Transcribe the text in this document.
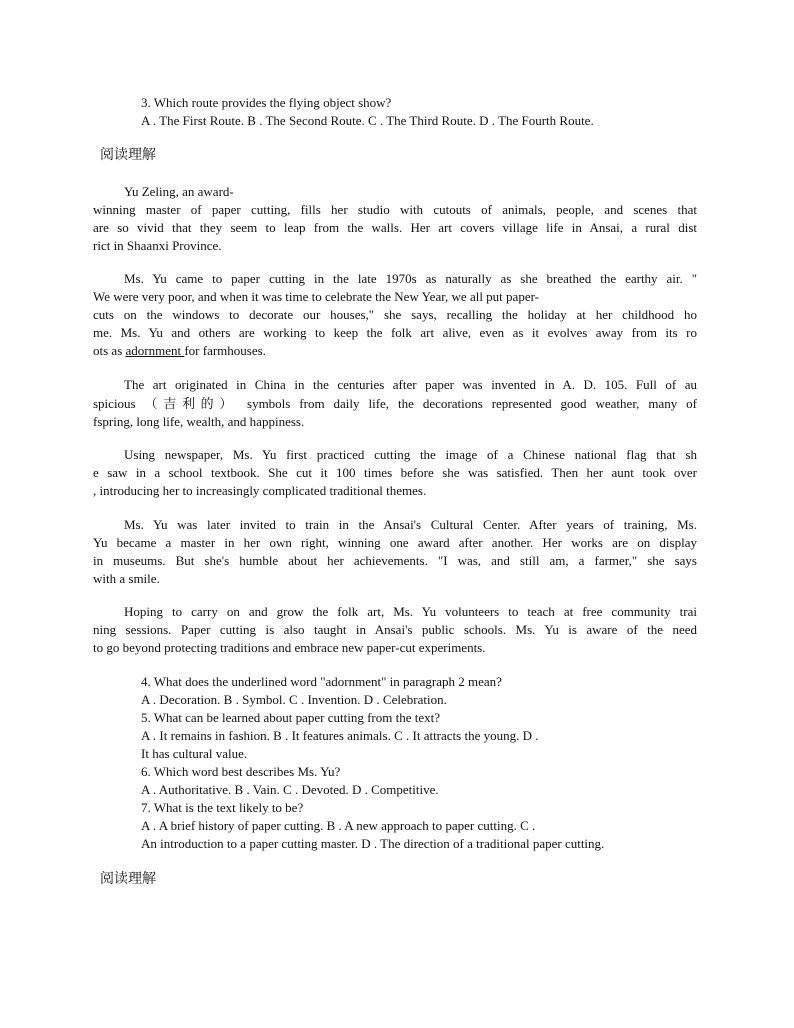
3. Which route provides the flying object show?
A . The First Route. B . The Second Route. C . The Third Route. D . The Fourth Route.
阅读理解
Yu Zeling, an award-
winning master of paper cutting, fills her studio with cutouts of animals, people, and scenes that
are so vivid that they seem to leap from the walls. Her art covers village life in Ansai, a rural dist
rict in Shaanxi Province.
Ms. Yu came to paper cutting in the late 1970s as naturally as she breathed the earthy air. "
We were very poor, and when it was time to celebrate the New Year, we all put paper-
cuts on the windows to decorate our houses," she says, recalling the holiday at her childhood ho
me. Ms. Yu and others are working to keep the folk art alive, even as it evolves away from its ro
ots as adornment for farmhouses.
The art originated in China in the centuries after paper was invented in A. D. 105. Full of au
spicious （吉利的） symbols from daily life, the decorations represented good weather, many of
fspring, long life, wealth, and happiness.
Using newspaper, Ms. Yu first practiced cutting the image of a Chinese national flag that sh
e saw in a school textbook. She cut it 100 times before she was satisfied. Then her aunt took over
, introducing her to increasingly complicated traditional themes.
Ms. Yu was later invited to train in the Ansai's Cultural Center. After years of training, Ms.
Yu became a master in her own right, winning one award after another. Her works are on display
in museums. But she's humble about her achievements. "I was, and still am, a farmer," she says
with a smile.
Hoping to carry on and grow the folk art, Ms. Yu volunteers to teach at free community trai
ning sessions. Paper cutting is also taught in Ansai's public schools. Ms. Yu is aware of the need
to go beyond protecting traditions and embrace new paper-cut experiments.
4. What does the underlined word "adornment" in paragraph 2 mean?
A . Decoration. B . Symbol. C . Invention. D . Celebration.
5. What can be learned about paper cutting from the text?
A . It remains in fashion. B . It features animals. C . It attracts the young. D .
It has cultural value.
6. Which word best describes Ms. Yu?
A . Authoritative. B . Vain. C . Devoted. D . Competitive.
7. What is the text likely to be?
A . A brief history of paper cutting. B . A new approach to paper cutting. C .
An introduction to a paper cutting master. D . The direction of a traditional paper cutting.
阅读理解
